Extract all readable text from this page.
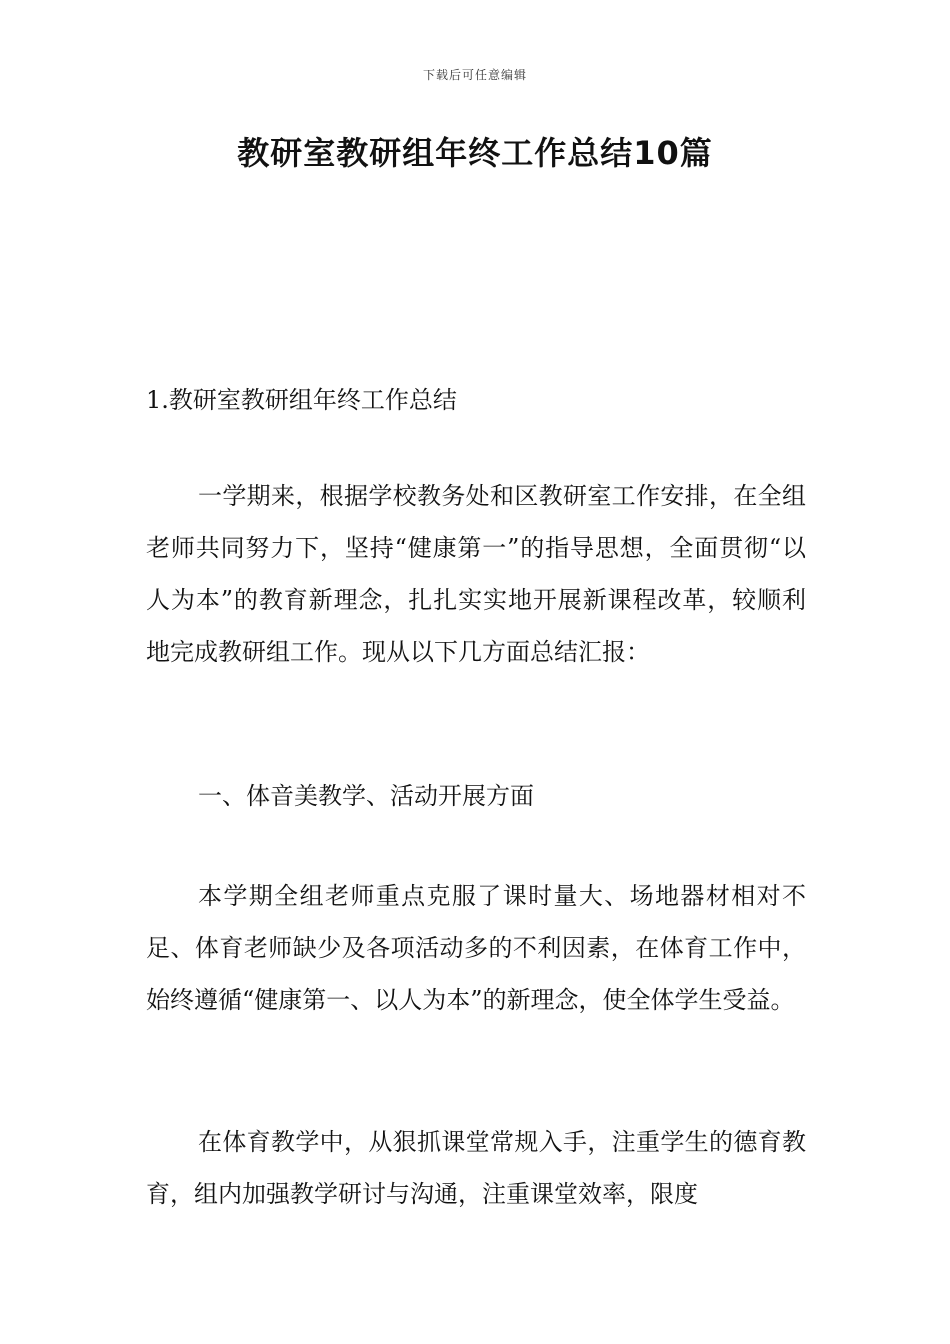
下载后可任意编辑
教研室教研组年终工作总结10篇
1.教研室教研组年终工作总结
一学期来，根据学校教务处和区教研室工作安排，在全组老师共同努力下，坚持“健康第一”的指导思想，全面贯彻“以人为本”的教育新理念，扎扎实实地开展新课程改革，较顺利地完成教研组工作。现从以下几方面总结汇报：
一、体音美教学、活动开展方面
本学期全组老师重点克服了课时量大、场地器材相对不足、体育老师缺少及各项活动多的不利因素，在体育工作中，始终遵循“健康第一、以人为本”的新理念，使全体学生受益。
在体育教学中，从狠抓课堂常规入手，注重学生的德育教育，组内加强教学研讨与沟通，注重课堂效率，限度
